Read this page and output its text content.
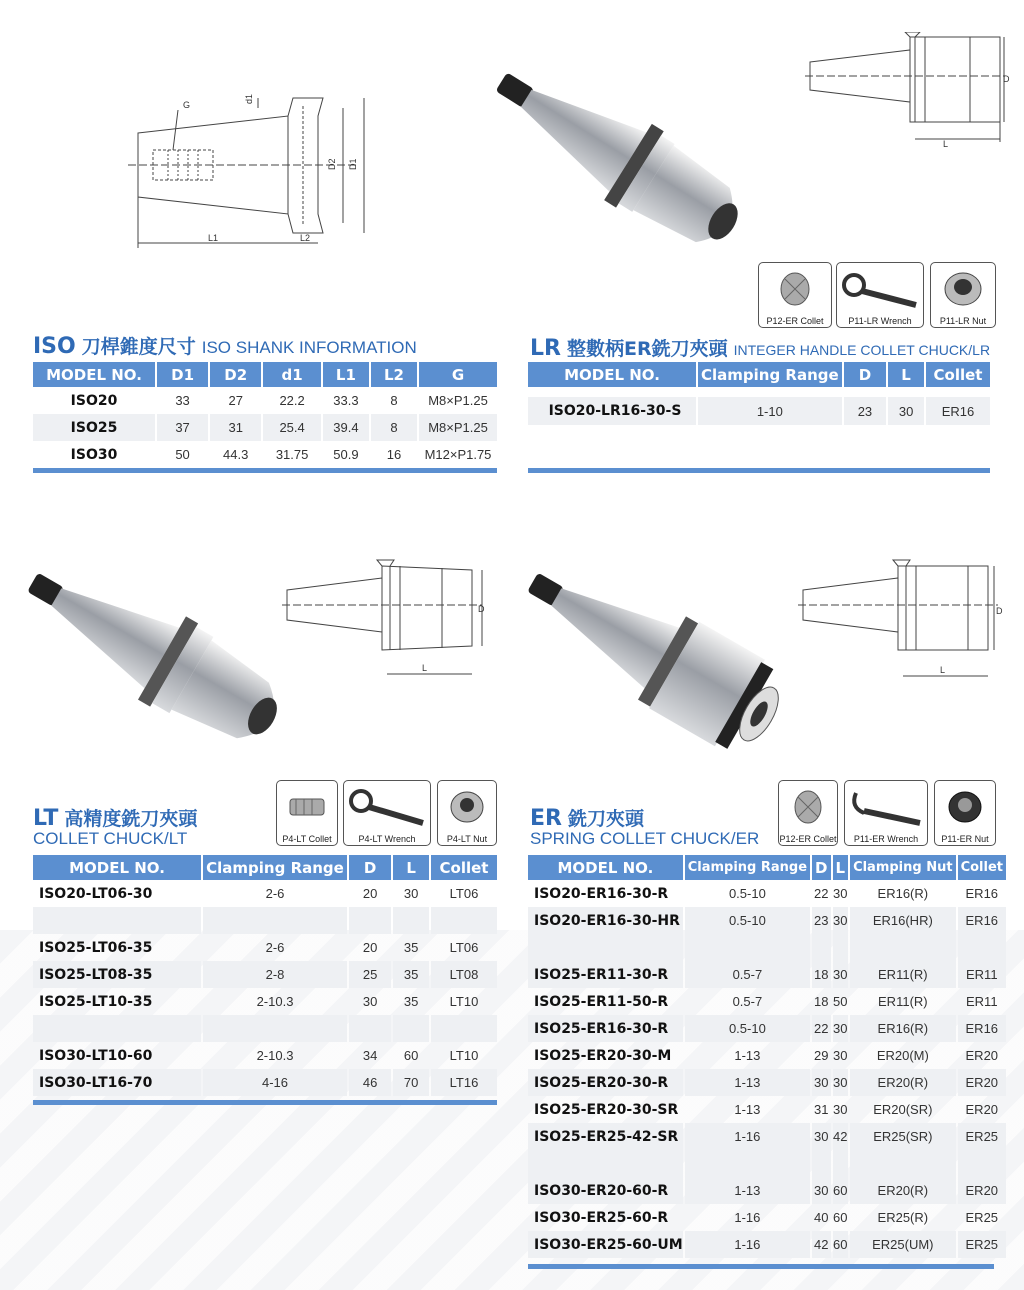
G
d1
D2 D1
L1	L2
D
L
P12-ER Collet	P11-LR Wrench	P11-LR Nut
ISO 刀桿錐度尺寸 ISO SHANK INFORMATION
MODEL NO.	D1	D2	d1	L1	L2	G
ISO20	33	27	22.2	33.3	8	M8×P1.25
ISO25	37	31	25.4	39.4	8	M8×P1.25
ISO30	50	44.3	31.75	50.9	16	M12×P1.75
LR 整數柄ER銑刀夾頭 INTEGER HANDLE COLLET CHUCK/LR
MODEL NO.	Clamping Range	D	L	Collet

ISO20-LR16-30-S	1-10	23	30	ER16

D
L
P4-LT Collet	P4-LT Wrench	P4-LT Nut
LT 高精度銑刀夾頭
COLLET CHUCK/LT
MODEL NO.	Clamping Range	D	L	Collet
ISO20-LT06-30	2-6	20	30	LT06

ISO25-LT06-35	2-6	20	35	LT06
ISO25-LT08-35	2-8	25	35	LT08
ISO25-LT10-35	2-10.3	30	35	LT10

ISO30-LT10-60	2-10.3	34	60	LT10
ISO30-LT16-70	4-16	46	70	LT16
D
L
P12-ER Collet	P11-ER Wrench	P11-ER Nut
ER 銑刀夾頭
SPRING COLLET CHUCK/ER
MODEL NO.	Clamping Range	D	L	Clamping Nut	Collet
ISO20-ER16-30-R	0.5-10	22	30	ER16(R)	ER16
ISO20-ER16-30-HR	0.5-10	23	30	ER16(HR)	ER16

ISO25-ER11-30-R	0.5-7	18	30	ER11(R)	ER11
ISO25-ER11-50-R	0.5-7	18	50	ER11(R)	ER11
ISO25-ER16-30-R	0.5-10	22	30	ER16(R)	ER16
ISO25-ER20-30-M	1-13	29	30	ER20(M)	ER20
ISO25-ER20-30-R	1-13	30	30	ER20(R)	ER20
ISO25-ER20-30-SR	1-13	31	30	ER20(SR)	ER20
ISO25-ER25-42-SR	1-16	30	42	ER25(SR)	ER25

ISO30-ER20-60-R	1-13	30	60	ER20(R)	ER20
ISO30-ER25-60-R	1-16	40	60	ER25(R)	ER25
ISO30-ER25-60-UM	1-16	42	60	ER25(UM)	ER25
